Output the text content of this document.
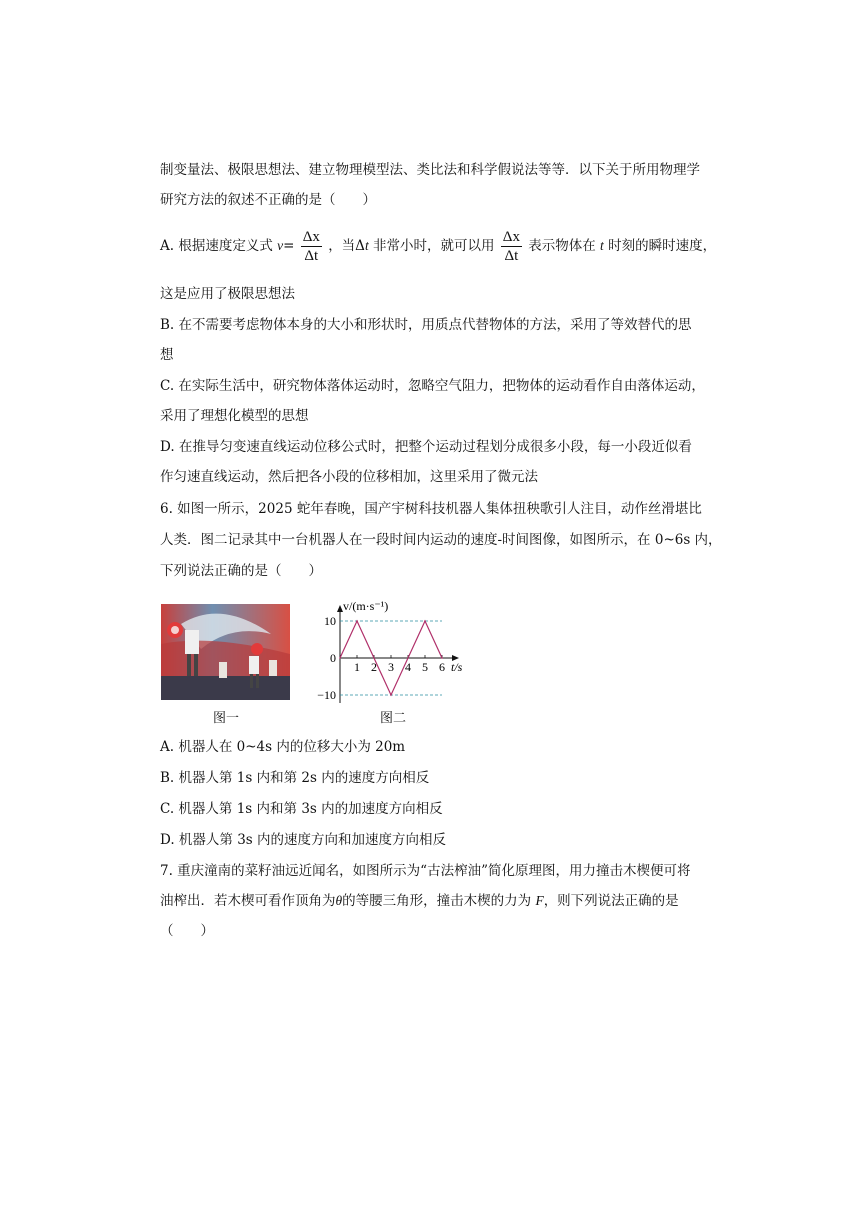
制变量法、极限思想法、建立物理模型法、类比法和科学假说法等等．以下关于所用物理学
研究方法的叙述不正确的是（　　）
A. 根据速度定义式 $v= \frac{\Delta x}{\Delta t}$ ，当Δt 非常小时，就可以用 $\frac{\Delta x}{\Delta t}$ 表示物体在 t 时刻的瞬时速度，
这是应用了极限思想法
B. 在不需要考虑物体本身的大小和形状时，用质点代替物体的方法，采用了等效替代的思
想
C. 在实际生活中，研究物体落体运动时，忽略空气阻力，把物体的运动看作自由落体运动，
采用了理想化模型的思想
D. 在推导匀变速直线运动位移公式时，把整个运动过程划分成很多小段，每一小段近似看
作匀速直线运动，然后把各小段的位移相加，这里采用了微元法
6. 如图一所示，2025 蛇年春晚，国产宇树科技机器人集体扭秧歌引人注目，动作丝滑堪比
人类．图二记录其中一台机器人在一段时间内运动的速度-时间图像，如图所示，在 0~6s 内，
下列说法正确的是（　　）
图一
v/(m·s⁻¹)
t/s
10
0
−10
1 2 3 4 5 6
图二
A. 机器人在 0~4s 内的位移大小为 20m
B. 机器人第 1s 内和第 2s 内的速度方向相反
C. 机器人第 1s 内和第 3s 内的加速度方向相反
D. 机器人第 3s 内的速度方向和加速度方向相反
7. 重庆潼南的菜籽油远近闻名，如图所示为“古法榨油”简化原理图，用力撞击木楔便可将
油榨出．若木楔可看作顶角为θ的等腰三角形，撞击木楔的力为 F，则下列说法正确的是
（　　）
